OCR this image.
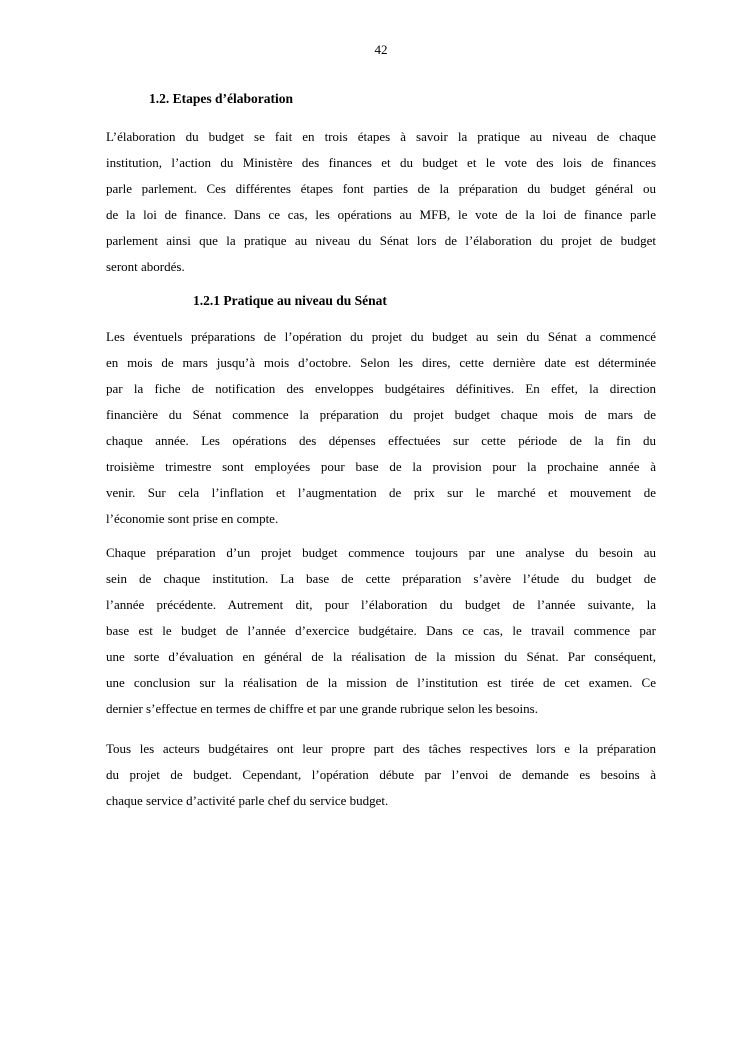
42
1.2. Etapes d’élaboration
L’élaboration du budget se fait en trois étapes à savoir la pratique au niveau de chaque
institution, l’action du Ministère des finances et du budget et le vote des lois de finances
parle parlement. Ces différentes étapes font parties de la préparation du budget général ou
de la loi de finance. Dans ce cas, les opérations au MFB, le vote de la loi de finance parle
parlement ainsi que la pratique au niveau du Sénat lors de l’élaboration du projet de budget
seront abordés.
1.2.1 Pratique au niveau du Sénat
Les éventuels préparations de l’opération du projet du budget au sein du Sénat a commencé
en mois de mars jusqu’à mois d’octobre. Selon les dires, cette dernière date est déterminée
par la fiche de notification des enveloppes budgétaires définitives. En effet, la direction
financière du Sénat commence la préparation du projet budget chaque mois de mars de
chaque année. Les opérations des dépenses effectuées sur cette période de la fin du
troisième trimestre sont employées pour base de la provision pour la prochaine année à
venir. Sur cela l’inflation et l’augmentation de prix sur le marché et mouvement de
l’économie sont prise en compte.
Chaque préparation d’un projet budget commence toujours par une analyse du besoin au
sein de chaque institution. La base de cette préparation s’avère l’étude du budget de
l’année précédente. Autrement dit, pour l’élaboration du budget de l’année suivante, la
base est le budget de l’année d’exercice budgétaire. Dans ce cas, le travail commence par
une sorte d’évaluation en général de la réalisation de la mission du Sénat. Par conséquent,
une conclusion sur la réalisation de la mission de l’institution est tirée de cet examen. Ce
dernier s’effectue en termes de chiffre et par une grande rubrique selon les besoins.
Tous les acteurs budgétaires ont leur propre part des tâches respectives lors e la préparation
du projet de budget. Cependant, l’opération débute par l’envoi de demande es besoins à
chaque service d’activité parle chef du service budget.
